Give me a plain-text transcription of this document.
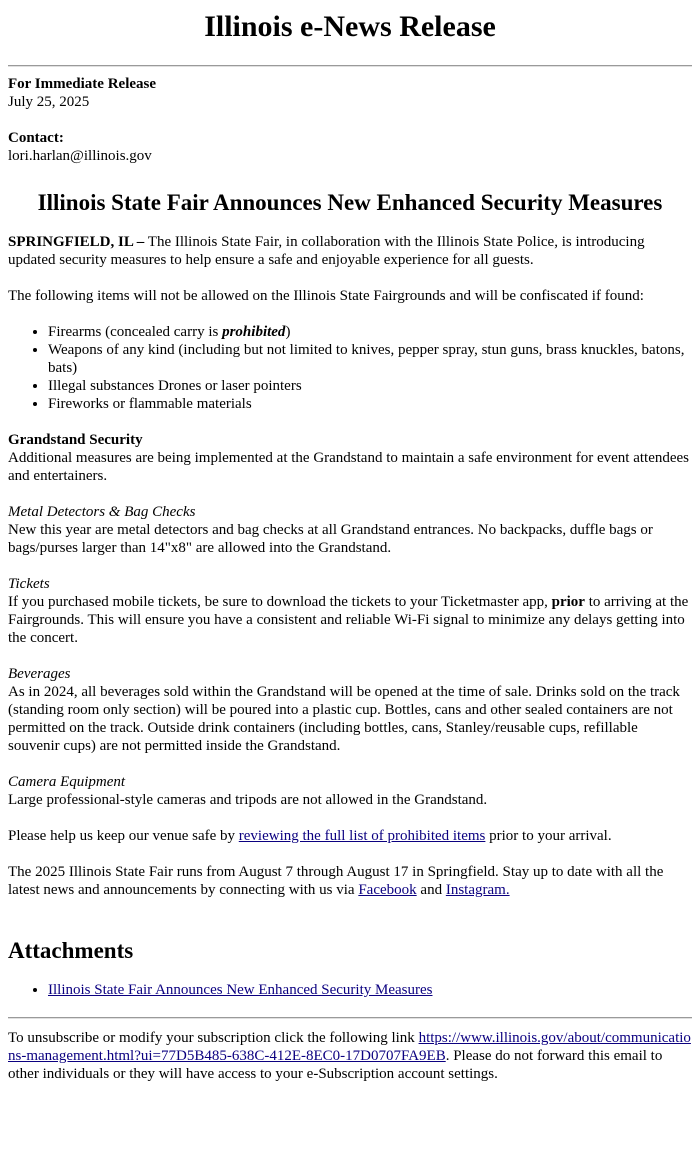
Illinois e-News Release

For Immediate Release

July 25, 2025

Contact:

lori.harlan@illinois.gov

Illinois State Fair Announces New Enhanced Security Measures

SPRINGFIELD, IL – The Illinois State Fair, in collaboration with the Illinois State Police, is introducing updated security measures to help ensure a safe and enjoyable experience for all guests.

The following items will not be allowed on the Illinois State Fairgrounds and will be confiscated if found:

• Firearms (concealed carry is prohibited)
• Weapons of any kind (including but not limited to knives, pepper spray, stun guns, brass knuckles, batons, bats)
• Illegal substances Drones or laser pointers
• Fireworks or flammable materials

Grandstand Security
Additional measures are being implemented at the Grandstand to maintain a safe environment for event attendees and entertainers.

Metal Detectors & Bag Checks
New this year are metal detectors and bag checks at all Grandstand entrances. No backpacks, duffle bags or bags/purses larger than 14"x8" are allowed into the Grandstand.

Tickets
If you purchased mobile tickets, be sure to download the tickets to your Ticketmaster app, prior to arriving at the Fairgrounds. This will ensure you have a consistent and reliable Wi-Fi signal to minimize any delays getting into the concert.

Beverages
As in 2024, all beverages sold within the Grandstand will be opened at the time of sale. Drinks sold on the track (standing room only section) will be poured into a plastic cup. Bottles, cans and other sealed containers are not permitted on the track. Outside drink containers (including bottles, cans, Stanley/reusable cups, refillable souvenir cups) are not permitted inside the Grandstand.

Camera Equipment
Large professional-style cameras and tripods are not allowed in the Grandstand.

Please help us keep our venue safe by reviewing the full list of prohibited items prior to your arrival.

The 2025 Illinois State Fair runs from August 7 through August 17 in Springfield. Stay up to date with all the latest news and announcements by connecting with us via Facebook and Instagram.

Attachments
• Illinois State Fair Announces New Enhanced Security Measures

To unsubscribe or modify your subscription click the following link https://www.illinois.gov/about/communications-management.html?ui=77D5B485-638C-412E-8EC0-17D0707FA9EB. Please do not forward this email to other individuals or they will have access to your e-Subscription account settings.
